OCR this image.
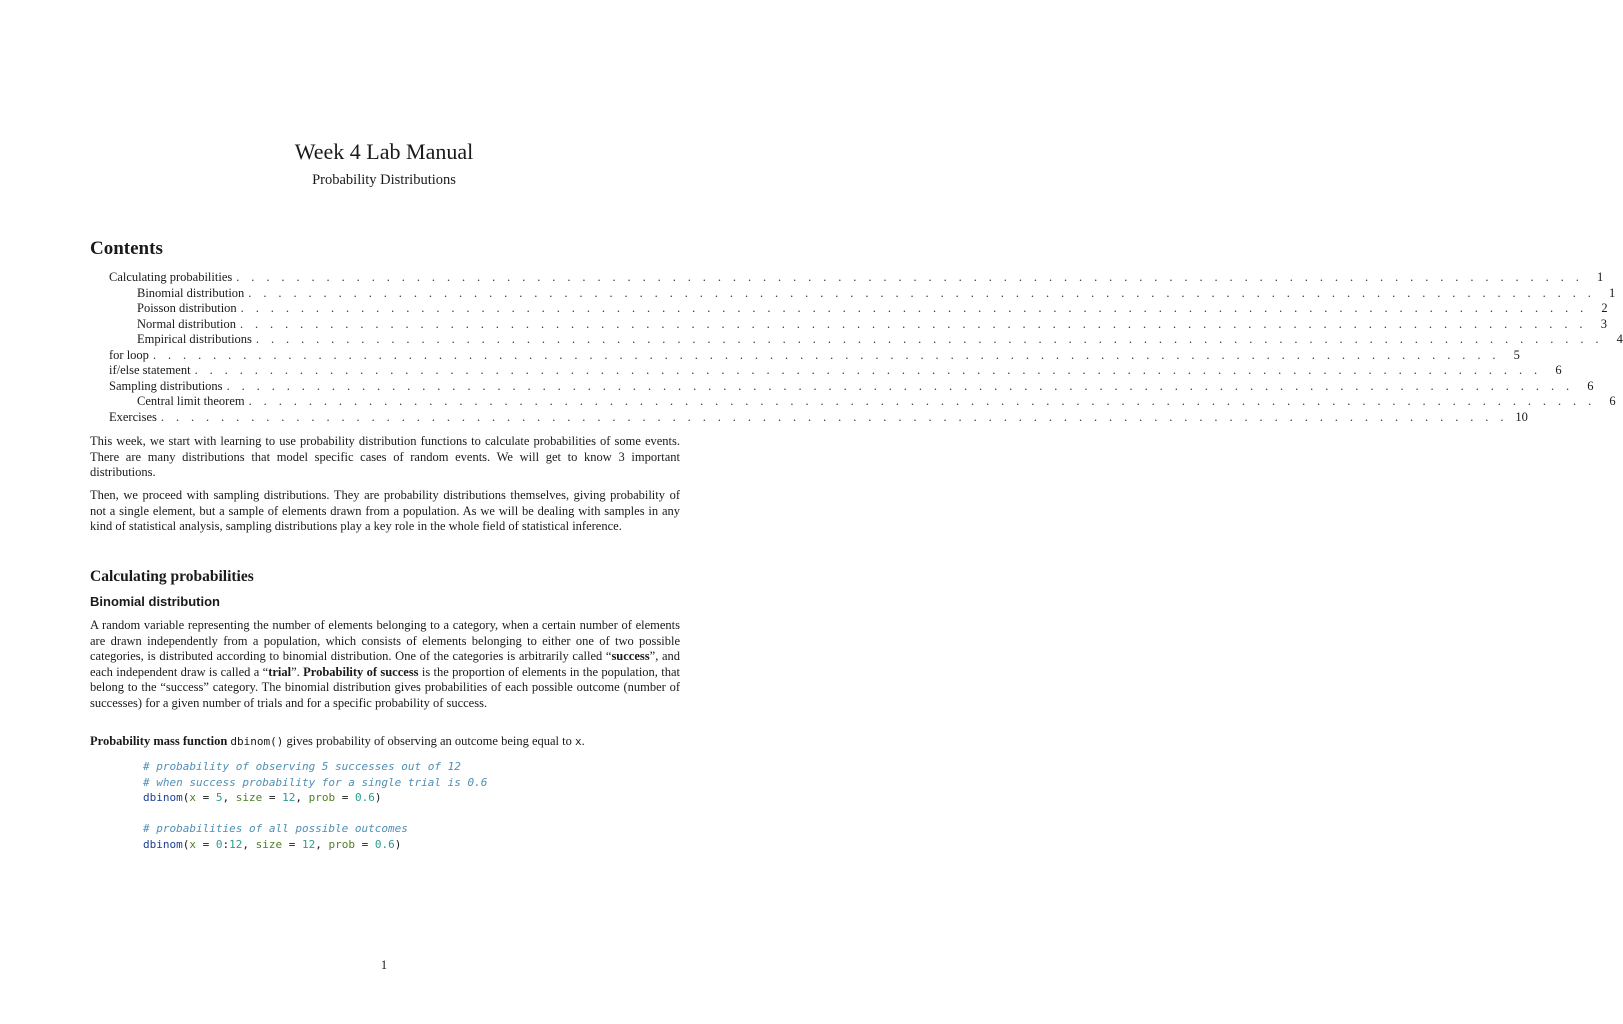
Week 4 Lab Manual
Probability Distributions
Contents
Calculating probabilities . . . . . . . . . . . . . . . . . . . . . . . . . . . . . . . . . . . . . . . . . . . . . . . . . . . . . . . . . . . . . . . . . . . . . . . . . . . . . . . . . . . . . . . . . .	1
Binomial distribution . . . . . . . . . . . . . . . . . . . . . . . . . . . . . . . . . . . . . . . . . . . . . . . . . . . . . . . . . . . . . . . . . . . . . . . . . . . . . . . . . . . . . . . . . .	1
Poisson distribution . . . . . . . . . . . . . . . . . . . . . . . . . . . . . . . . . . . . . . . . . . . . . . . . . . . . . . . . . . . . . . . . . . . . . . . . . . . . . . . . . . . . . . . . . .	2
Normal distribution . . . . . . . . . . . . . . . . . . . . . . . . . . . . . . . . . . . . . . . . . . . . . . . . . . . . . . . . . . . . . . . . . . . . . . . . . . . . . . . . . . . . . . . . . .	3
Empirical distributions . . . . . . . . . . . . . . . . . . . . . . . . . . . . . . . . . . . . . . . . . . . . . . . . . . . . . . . . . . . . . . . . . . . . . . . . . . . . . . . . . . . . . . . . . .	4
for loop . . . . . . . . . . . . . . . . . . . . . . . . . . . . . . . . . . . . . . . . . . . . . . . . . . . . . . . . . . . . . . . . . . . . . . . . . . . . . . . . . . . . . . . . . .	5
if/else statement . . . . . . . . . . . . . . . . . . . . . . . . . . . . . . . . . . . . . . . . . . . . . . . . . . . . . . . . . . . . . . . . . . . . . . . . . . . . . . . . . . . . . . . . . .	6
Sampling distributions . . . . . . . . . . . . . . . . . . . . . . . . . . . . . . . . . . . . . . . . . . . . . . . . . . . . . . . . . . . . . . . . . . . . . . . . . . . . . . . . . . . . . . . . . .	6
Central limit theorem . . . . . . . . . . . . . . . . . . . . . . . . . . . . . . . . . . . . . . . . . . . . . . . . . . . . . . . . . . . . . . . . . . . . . . . . . . . . . . . . . . . . . . . . . .	6
Exercises . . . . . . . . . . . . . . . . . . . . . . . . . . . . . . . . . . . . . . . . . . . . . . . . . . . . . . . . . . . . . . . . . . . . . . . . . . . . . . . . . . . . . . . . . . 10

This week, we start with learning to use probability distribution functions to calculate probabilities of some events. There are many distributions that model specific cases of random events. We will get to know 3 important distributions.

Then, we proceed with sampling distributions. They are probability distributions themselves, giving probability of not a single element, but a sample of elements drawn from a population. As we will be dealing with samples in any kind of statistical analysis, sampling distributions play a key role in the whole field of statistical inference.

Calculating probabilities
Binomial distribution

A random variable representing the number of elements belonging to a category, when a certain number of elements are drawn independently from a population, which consists of elements belonging to either one of two possible categories, is distributed according to binomial distribution. One of the categories is arbitrarily called “success”, and each independent draw is called a “trial”. Probability of success is the proportion of elements in the population, that belong to the “success” category. The binomial distribution gives probabilities of each possible outcome (number of successes) for a given number of trials and for a specific probability of success.

Probability mass function dbinom() gives probability of observing an outcome being equal to x.

# probability of observing 5 successes out of 12
# when success probability for a single trial is 0.6
dbinom(x = 5, size = 12, prob = 0.6)
# probabilities of all possible outcomes
dbinom(x = 0:12, size = 12, prob = 0.6)
1
